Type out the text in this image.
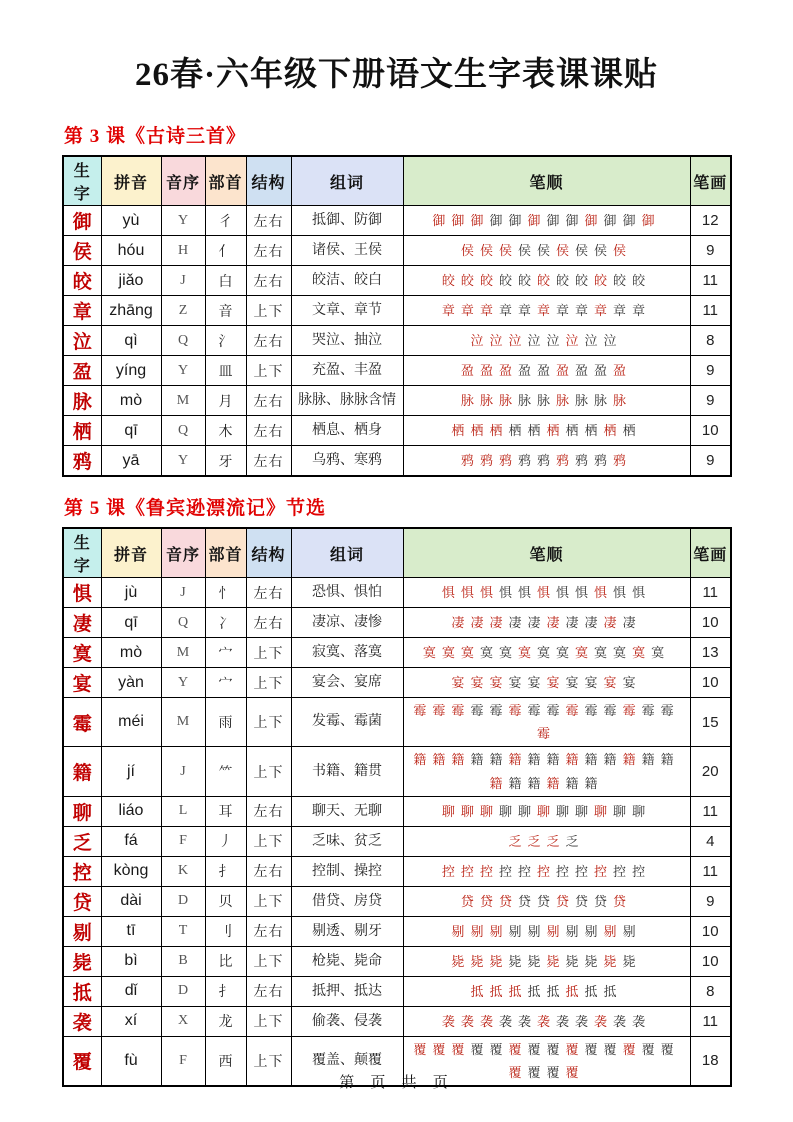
26春·六年级下册语文生字表课课贴
第 3 课《古诗三首》
生字	拼音	音序	部首	结构	组词	笔顺	笔画
御	yù	Y	彳	左右	抵御、防御	御 御 御 御 御 御 御 御 御 御 御 御	12
侯	hóu	H	亻	左右	诸侯、王侯	侯 侯 侯 侯 侯 侯 侯 侯 侯	9
皎	jiǎo	J	白	左右	皎洁、皎白	皎 皎 皎 皎 皎 皎 皎 皎 皎 皎 皎	11
章	zhāng	Z	音	上下	文章、章节	章 章 章 章 章 章 章 章 章 章 章	11
泣	qì	Q	氵	左右	哭泣、抽泣	泣 泣 泣 泣 泣 泣 泣 泣	8
盈	yíng	Y	皿	上下	充盈、丰盈	盈 盈 盈 盈 盈 盈 盈 盈 盈	9
脉	mò	M	月	左右	脉脉、脉脉含情	脉 脉 脉 脉 脉 脉 脉 脉 脉	9
栖	qī	Q	木	左右	栖息、栖身	栖 栖 栖 栖 栖 栖 栖 栖 栖 栖	10
鸦	yā	Y	牙	左右	乌鸦、寒鸦	鸦 鸦 鸦 鸦 鸦 鸦 鸦 鸦 鸦	9
第 5 课《鲁宾逊漂流记》节选
生字	拼音	音序	部首	结构	组词	笔顺	笔画
惧	jù	J	忄	左右	恐惧、惧怕	惧 惧 惧 惧 惧 惧 惧 惧 惧 惧 惧	11
凄	qī	Q	冫	左右	凄凉、凄惨	凄 凄 凄 凄 凄 凄 凄 凄 凄 凄	10
寞	mò	M	宀	上下	寂寞、落寞	寞 寞 寞 寞 寞 寞 寞 寞 寞 寞 寞 寞 寞	13
宴	yàn	Y	宀	上下	宴会、宴席	宴 宴 宴 宴 宴 宴 宴 宴 宴 宴	10
霉	méi	M	雨	上下	发霉、霉菌	霉 霉 霉 霉 霉 霉 霉 霉 霉 霉 霉 霉 霉 霉霉	15
籍	jí	J	⺮	上下	书籍、籍贯	籍 籍 籍 籍 籍 籍 籍 籍 籍 籍 籍 籍 籍 籍籍 籍 籍 籍 籍 籍	20
聊	liáo	L	耳	左右	聊天、无聊	聊 聊 聊 聊 聊 聊 聊 聊 聊 聊 聊	11
乏	fá	F	丿	上下	乏味、贫乏	乏 乏 乏 乏	4
控	kòng	K	扌	左右	控制、操控	控 控 控 控 控 控 控 控 控 控 控	11
贷	dài	D	贝	上下	借贷、房贷	贷 贷 贷 贷 贷 贷 贷 贷 贷	9
剔	tī	T	刂	左右	剔透、剔牙	剔 剔 剔 剔 剔 剔 剔 剔 剔 剔	10
毙	bì	B	比	上下	枪毙、毙命	毙 毙 毙 毙 毙 毙 毙 毙 毙 毙	10
抵	dǐ	D	扌	左右	抵押、抵达	抵 抵 抵 抵 抵 抵 抵 抵	8
袭	xí	X	龙	上下	偷袭、侵袭	袭 袭 袭 袭 袭 袭 袭 袭 袭 袭 袭	11
覆	fù	F	西	上下	覆盖、颠覆	覆 覆 覆 覆 覆 覆 覆 覆 覆 覆 覆 覆 覆 覆覆 覆 覆 覆	18
第 页 共 页
